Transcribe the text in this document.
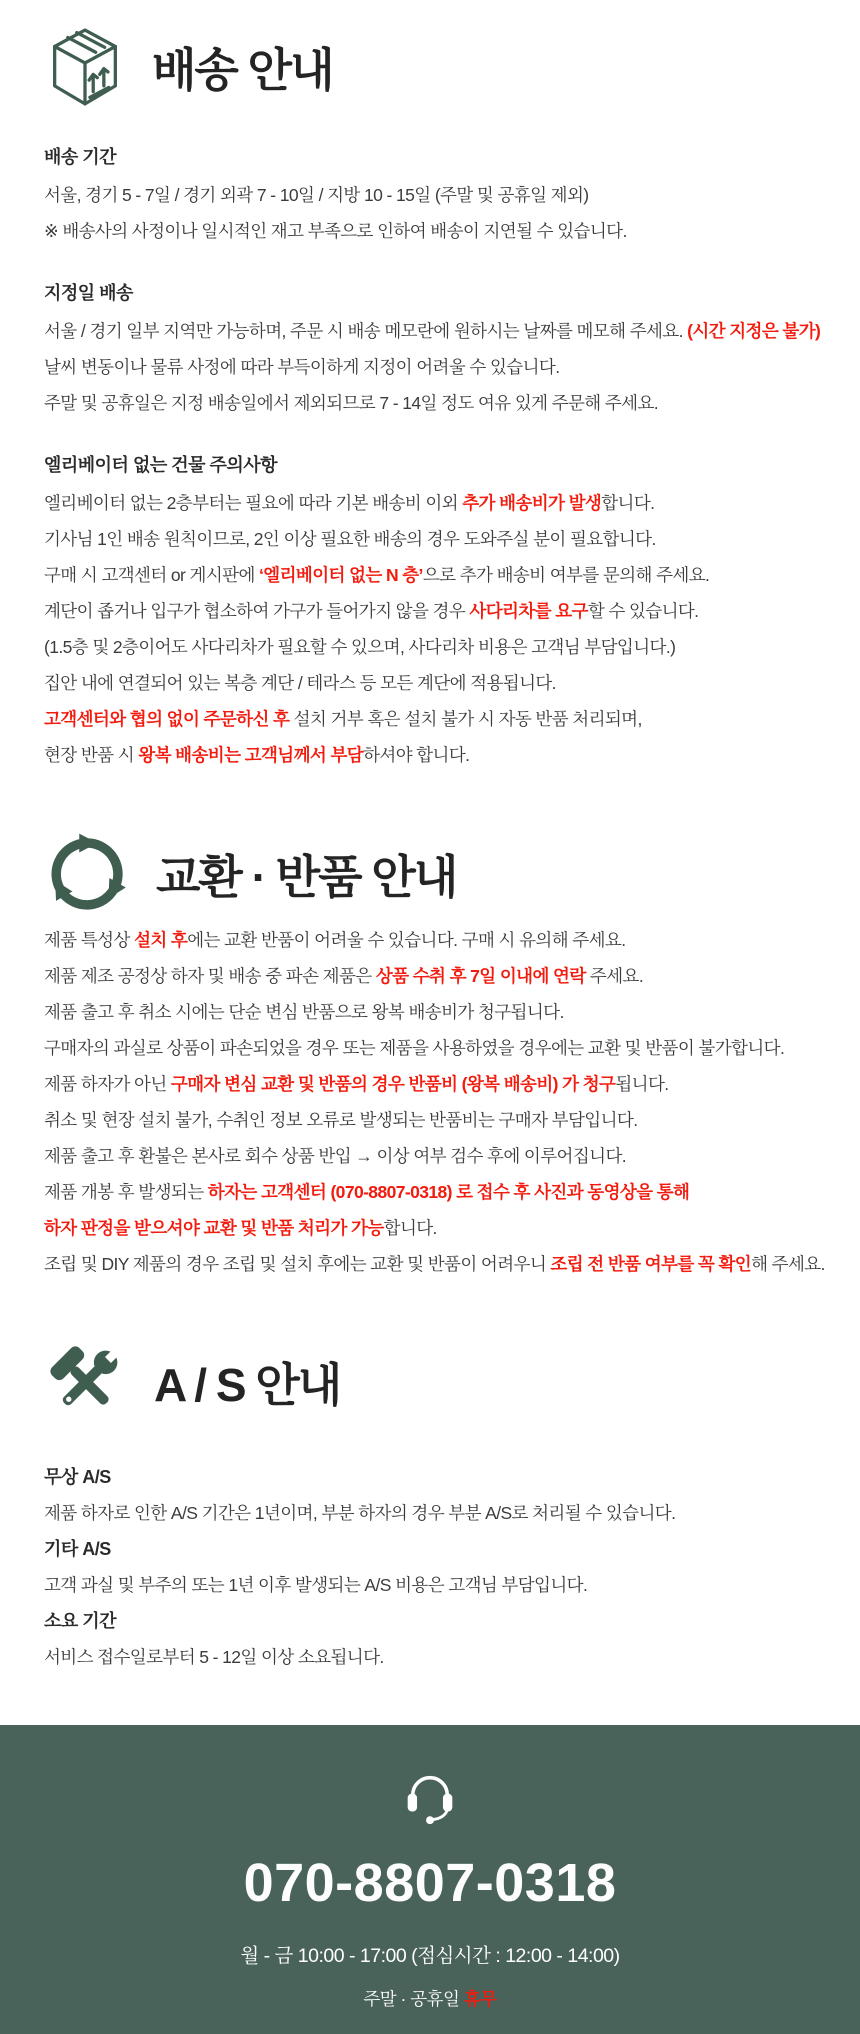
배송 안내
배송 기간

서울, 경기 5 - 7일 / 경기 외곽 7 - 10일 / 지방 10 - 15일 (주말 및 공휴일 제외)

※ 배송사의 사정이나 일시적인 재고 부족으로 인하여 배송이 지연될 수 있습니다.

지정일 배송

서울 / 경기 일부 지역만 가능하며, 주문 시 배송 메모란에 원하시는 날짜를 메모해 주세요. (시간 지정은 불가)

날씨 변동이나 물류 사정에 따라 부득이하게 지정이 어려울 수 있습니다.

주말 및 공휴일은 지정 배송일에서 제외되므로 7 - 14일 정도 여유 있게 주문해 주세요.

엘리베이터 없는 건물 주의사항

엘리베이터 없는 2층부터는 필요에 따라 기본 배송비 이외 추가 배송비가 발생합니다.

기사님 1인 배송 원칙이므로, 2인 이상 필요한 배송의 경우 도와주실 분이 필요합니다.

구매 시 고객센터 or 게시판에 ‘엘리베이터 없는 N 층’으로 추가 배송비 여부를 문의해 주세요.

계단이 좁거나 입구가 협소하여 가구가 들어가지 않을 경우 사다리차를 요구할 수 있습니다.

(1.5층 및 2층이어도 사다리차가 필요할 수 있으며, 사다리차 비용은 고객님 부담입니다.)

집안 내에 연결되어 있는 복층 계단 / 테라스 등 모든 계단에 적용됩니다.

고객센터와 협의 없이 주문하신 후 설치 거부 혹은 설치 불가 시 자동 반품 처리되며,

현장 반품 시 왕복 배송비는 고객님께서 부담하셔야 합니다.

교환 · 반품 안내

제품 특성상 설치 후에는 교환 반품이 어려울 수 있습니다. 구매 시 유의해 주세요.

제품 제조 공정상 하자 및 배송 중 파손 제품은 상품 수취 후 7일 이내에 연락 주세요.

제품 출고 후 취소 시에는 단순 변심 반품으로 왕복 배송비가 청구됩니다.

구매자의 과실로 상품이 파손되었을 경우 또는 제품을 사용하였을 경우에는 교환 및 반품이 불가합니다.

제품 하자가 아닌 구매자 변심 교환 및 반품의 경우 반품비 (왕복 배송비) 가 청구됩니다.

취소 및 현장 설치 불가, 수취인 정보 오류로 발생되는 반품비는 구매자 부담입니다.

제품 출고 후 환불은 본사로 회수 상품 반입 → 이상 여부 검수 후에 이루어집니다.

제품 개봉 후 발생되는 하자는 고객센터 (070-8807-0318) 로 접수 후 사진과 동영상을 통해

하자 판정을 받으셔야 교환 및 반품 처리가 가능합니다.

조립 및 DIY 제품의 경우 조립 및 설치 후에는 교환 및 반품이 어려우니 조립 전 반품 여부를 꼭 확인해 주세요.

A / S 안내
무상 A/S

제품 하자로 인한 A/S 기간은 1년이며, 부분 하자의 경우 부분 A/S로 처리될 수 있습니다.

기타 A/S

고객 과실 및 부주의 또는 1년 이후 발생되는 A/S 비용은 고객님 부담입니다.

소요 기간

서비스 접수일로부터 5 - 12일 이상 소요됩니다.

070-8807-0318
월 - 금 10:00 - 17:00 (점심시간 : 12:00 - 14:00)
주말 · 공휴일 휴무
